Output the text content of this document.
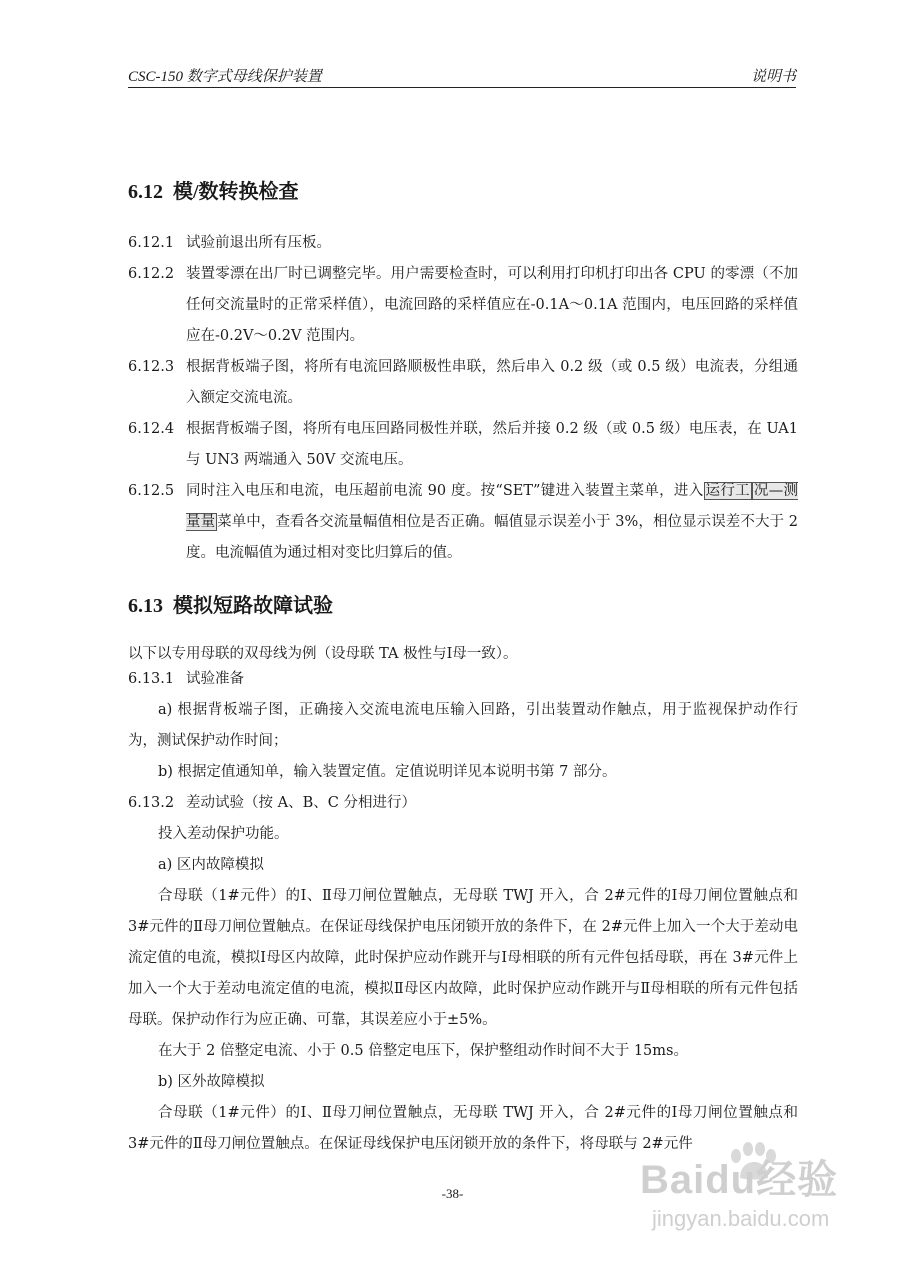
CSC-150 数字式母线保护装置	说明书
6.12 模/数转换检查
6.12.1 试验前退出所有压板。
6.12.2 装置零漂在出厂时已调整完毕。用户需要检查时，可以利用打印机打印出各 CPU 的零漂（不加任何交流量时的正常采样值），电流回路的采样值应在-0.1A～0.1A 范围内，电压回路的采样值应在-0.2V～0.2V 范围内。
6.12.3 根据背板端子图，将所有电流回路顺极性串联，然后串入 0.2 级（或 0.5 级）电流表，分组通入额定交流电流。
6.12.4 根据背板端子图，将所有电压回路同极性并联，然后并接 0.2 级（或 0.5 级）电压表，在 UA1 与 UN3 两端通入 50V 交流电压。
6.12.5 同时注入电压和电流，电压超前电流 90 度。按“SET”键进入装置主菜单，进入 运行工 况—测量量 菜单中，查看各交流量幅值相位是否正确。幅值显示误差小于 3%，相位显示误差不大于 2 度。电流幅值为通过相对变比归算后的值。
6.13 模拟短路故障试验
以下以专用母联的双母线为例（设母联 TA 极性与Ⅰ母一致）。
6.13.1 试验准备
a) 根据背板端子图，正确接入交流电流电压输入回路，引出装置动作触点，用于监视保护动作行为，测试保护动作时间；
b) 根据定值通知单，输入装置定值。定值说明详见本说明书第 7 部分。
6.13.2 差动试验（按 A、B、C 分相进行）
投入差动保护功能。
a) 区内故障模拟
合母联（1#元件）的Ⅰ、Ⅱ母刀闸位置触点，无母联 TWJ 开入，合 2#元件的Ⅰ母刀闸位置触点和 3#元件的Ⅱ母刀闸位置触点。在保证母线保护电压闭锁开放的条件下，在 2#元件上加入一个大于差动电流定值的电流，模拟Ⅰ母区内故障，此时保护应动作跳开与Ⅰ母相联的所有元件包括母联，再在 3#元件上加入一个大于差动电流定值的电流，模拟Ⅱ母区内故障，此时保护应动作跳开与Ⅱ母相联的所有元件包括母联。保护动作行为应正确、可靠，其误差应小于±5%。
在大于 2 倍整定电流、小于 0.5 倍整定电压下，保护整组动作时间不大于 15ms。
b) 区外故障模拟
合母联（1#元件）的Ⅰ、Ⅱ母刀闸位置触点，无母联 TWJ 开入，合 2#元件的Ⅰ母刀闸位置触点和 3#元件的Ⅱ母刀闸位置触点。在保证母线保护电压闭锁开放的条件下，将母联与 2#元件
-38-	Baidu经验
jingyan.baidu.com
